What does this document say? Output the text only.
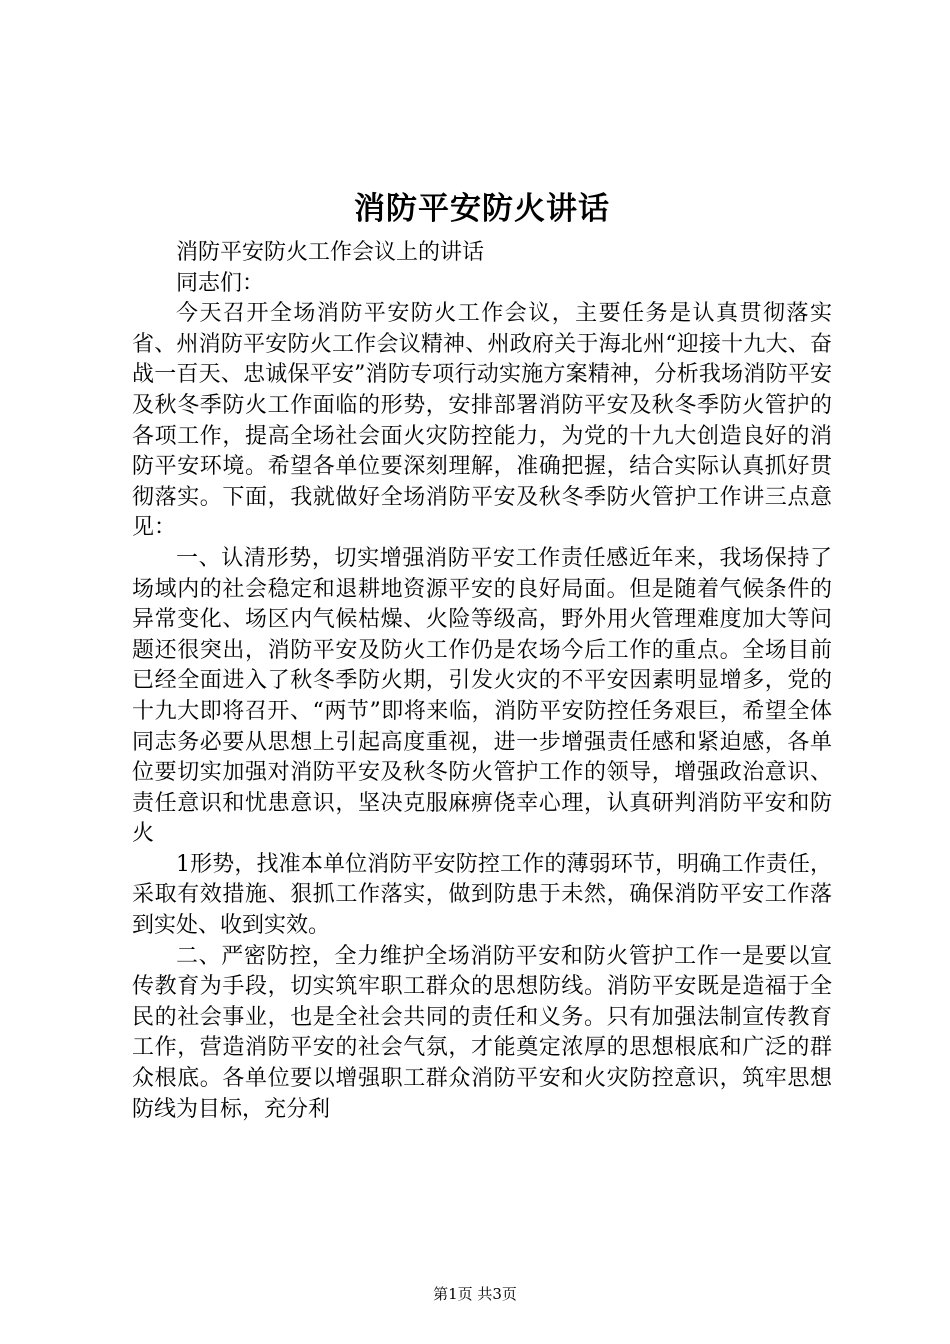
消防平安防火讲话

消防平安防火工作会议上的讲话

同志们：

今天召开全场消防平安防火工作会议，主要任务是认真贯彻落实省、州消防平安防火工作会议精神、州政府关于海北州“迎接十九大、奋战一百天、忠诚保平安”消防专项行动实施方案精神，分析我场消防平安及秋冬季防火工作面临的形势，安排部署消防平安及秋冬季防火管护的各项工作，提高全场社会面火灾防控能力，为党的十九大创造良好的消防平安环境。希望各单位要深刻理解，准确把握，结合实际认真抓好贯彻落实。下面，我就做好全场消防平安及秋冬季防火管护工作讲三点意见：

一、认清形势，切实增强消防平安工作责任感近年来，我场保持了场域内的社会稳定和退耕地资源平安的良好局面。但是随着气候条件的异常变化、场区内气候枯燥、火险等级高，野外用火管理难度加大等问题还很突出，消防平安及防火工作仍是农场今后工作的重点。全场目前已经全面进入了秋冬季防火期，引发火灾的不平安因素明显增多，党的十九大即将召开、“两节”即将来临，消防平安防控任务艰巨，希望全体同志务必要从思想上引起高度重视，进一步增强责任感和紧迫感，各单位要切实加强对消防平安及秋冬防火管护工作的领导，增强政治意识、责任意识和忧患意识，坚决克服麻痹侥幸心理，认真研判消防平安和防火

1形势，找准本单位消防平安防控工作的薄弱环节，明确工作责任，采取有效措施、狠抓工作落实，做到防患于未然，确保消防平安工作落到实处、收到实效。

二、严密防控，全力维护全场消防平安和防火管护工作一是要以宣传教育为手段，切实筑牢职工群众的思想防线。消防平安既是造福于全民的社会事业，也是全社会共同的责任和义务。只有加强法制宣传教育工作，营造消防平安的社会气氛，才能奠定浓厚的思想根底和广泛的群众根底。各单位要以增强职工群众消防平安和火灾防控意识，筑牢思想防线为目标，充分利

第1页 共3页
